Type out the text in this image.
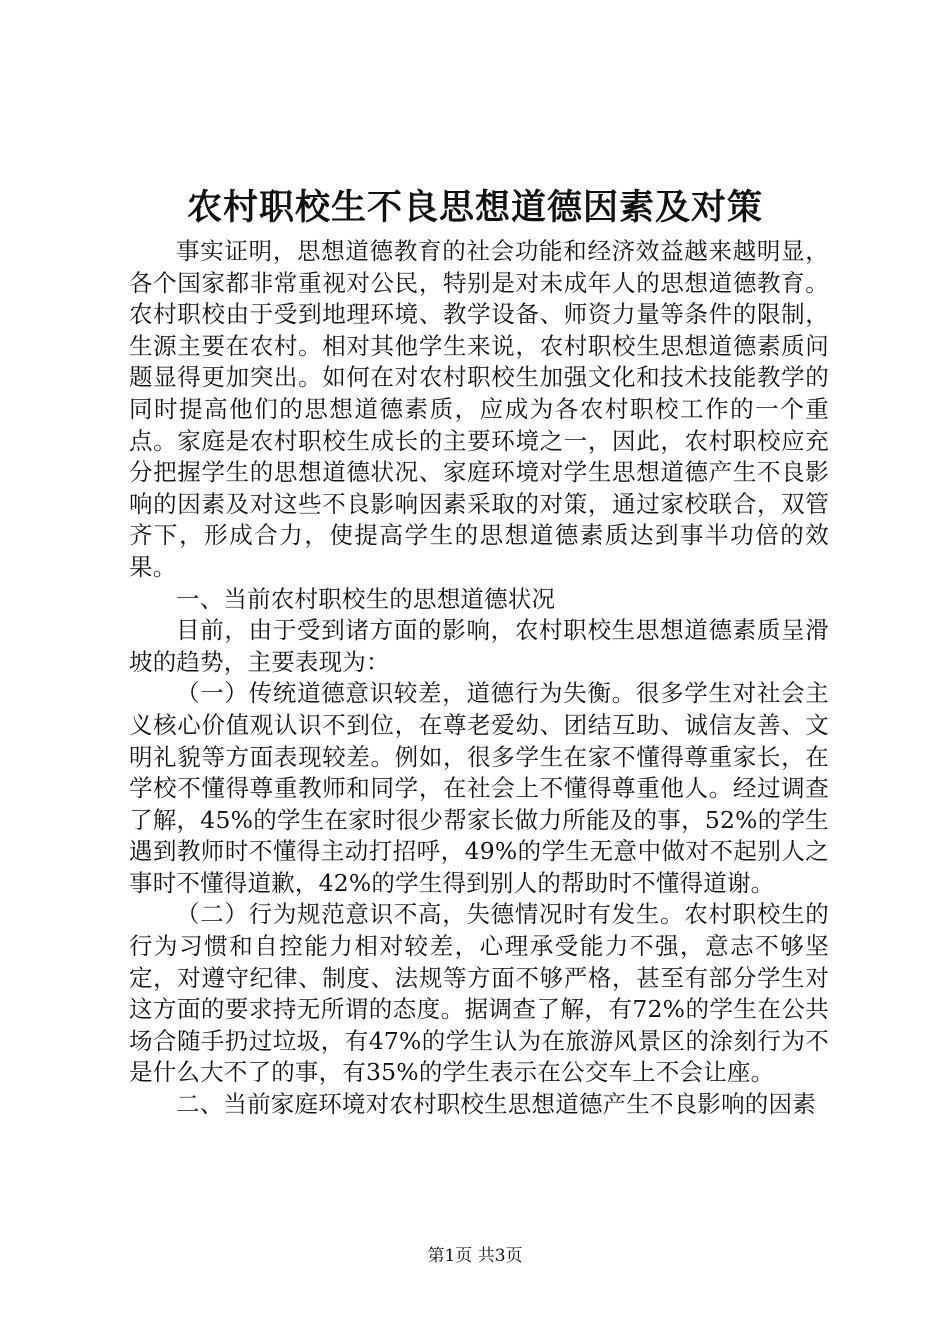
农村职校生不良思想道德因素及对策

事实证明，思想道德教育的社会功能和经济效益越来越明显，各个国家都非常重视对公民，特别是对未成年人的思想道德教育。农村职校由于受到地理环境、教学设备、师资力量等条件的限制，生源主要在农村。相对其他学生来说，农村职校生思想道德素质问题显得更加突出。如何在对农村职校生加强文化和技术技能教学的同时提高他们的思想道德素质，应成为各农村职校工作的一个重点。家庭是农村职校生成长的主要环境之一，因此，农村职校应充分把握学生的思想道德状况、家庭环境对学生思想道德产生不良影响的因素及对这些不良影响因素采取的对策，通过家校联合，双管齐下，形成合力，使提高学生的思想道德素质达到事半功倍的效果。

一、当前农村职校生的思想道德状况

目前，由于受到诸方面的影响，农村职校生思想道德素质呈滑坡的趋势，主要表现为：

（一）传统道德意识较差，道德行为失衡。很多学生对社会主义核心价值观认识不到位，在尊老爱幼、团结互助、诚信友善、文明礼貌等方面表现较差。例如，很多学生在家不懂得尊重家长，在学校不懂得尊重教师和同学，在社会上不懂得尊重他人。经过调查了解，45%的学生在家时很少帮家长做力所能及的事，52%的学生遇到教师时不懂得主动打招呼，49%的学生无意中做对不起别人之事时不懂得道歉，42%的学生得到别人的帮助时不懂得道谢。

（二）行为规范意识不高，失德情况时有发生。农村职校生的行为习惯和自控能力相对较差，心理承受能力不强，意志不够坚定，对遵守纪律、制度、法规等方面不够严格，甚至有部分学生对这方面的要求持无所谓的态度。据调查了解，有72%的学生在公共场合随手扔过垃圾，有47%的学生认为在旅游风景区的涂刻行为不是什么大不了的事，有35%的学生表示在公交车上不会让座。

二、当前家庭环境对农村职校生思想道德产生不良影响的因素

第1页 共3页
